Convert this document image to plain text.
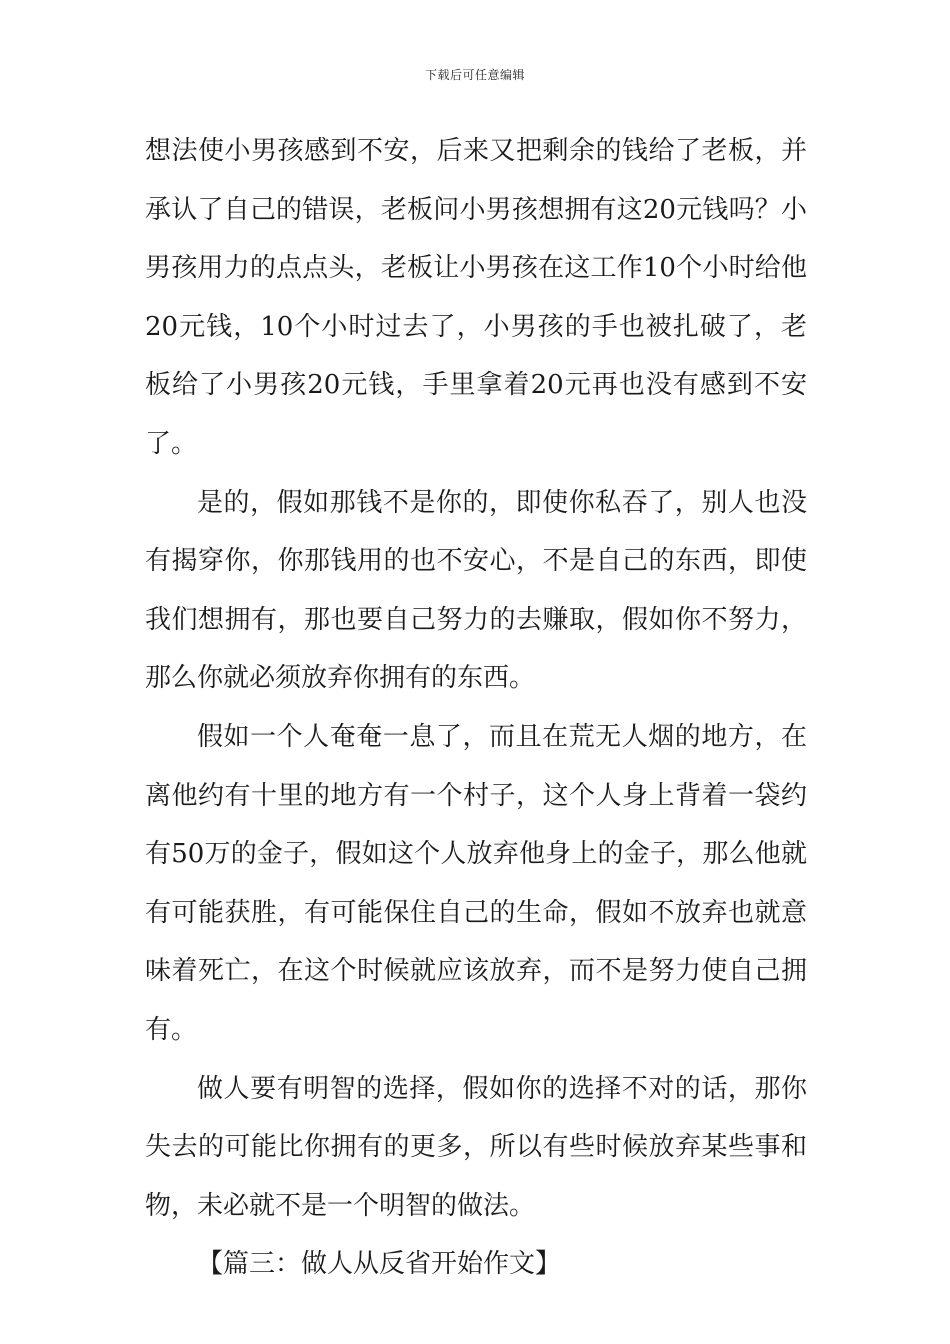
下载后可任意编辑

想法使小男孩感到不安，后来又把剩余的钱给了老板，并承认了自己的错误，老板问小男孩想拥有这20元钱吗？小男孩用力的点点头，老板让小男孩在这工作10个小时给他20元钱，10个小时过去了，小男孩的手也被扎破了，老板给了小男孩20元钱，手里拿着20元再也没有感到不安了。

是的，假如那钱不是你的，即使你私吞了，别人也没有揭穿你，你那钱用的也不安心，不是自己的东西，即使我们想拥有，那也要自己努力的去赚取，假如你不努力，那么你就必须放弃你拥有的东西。

假如一个人奄奄一息了，而且在荒无人烟的地方，在离他约有十里的地方有一个村子，这个人身上背着一袋约有50万的金子，假如这个人放弃他身上的金子，那么他就有可能获胜，有可能保住自己的生命，假如不放弃也就意味着死亡，在这个时候就应该放弃，而不是努力使自己拥有。

做人要有明智的选择，假如你的选择不对的话，那你失去的可能比你拥有的更多，所以有些时候放弃某些事和物，未必就不是一个明智的做法。

【篇三：做人从反省开始作文】
